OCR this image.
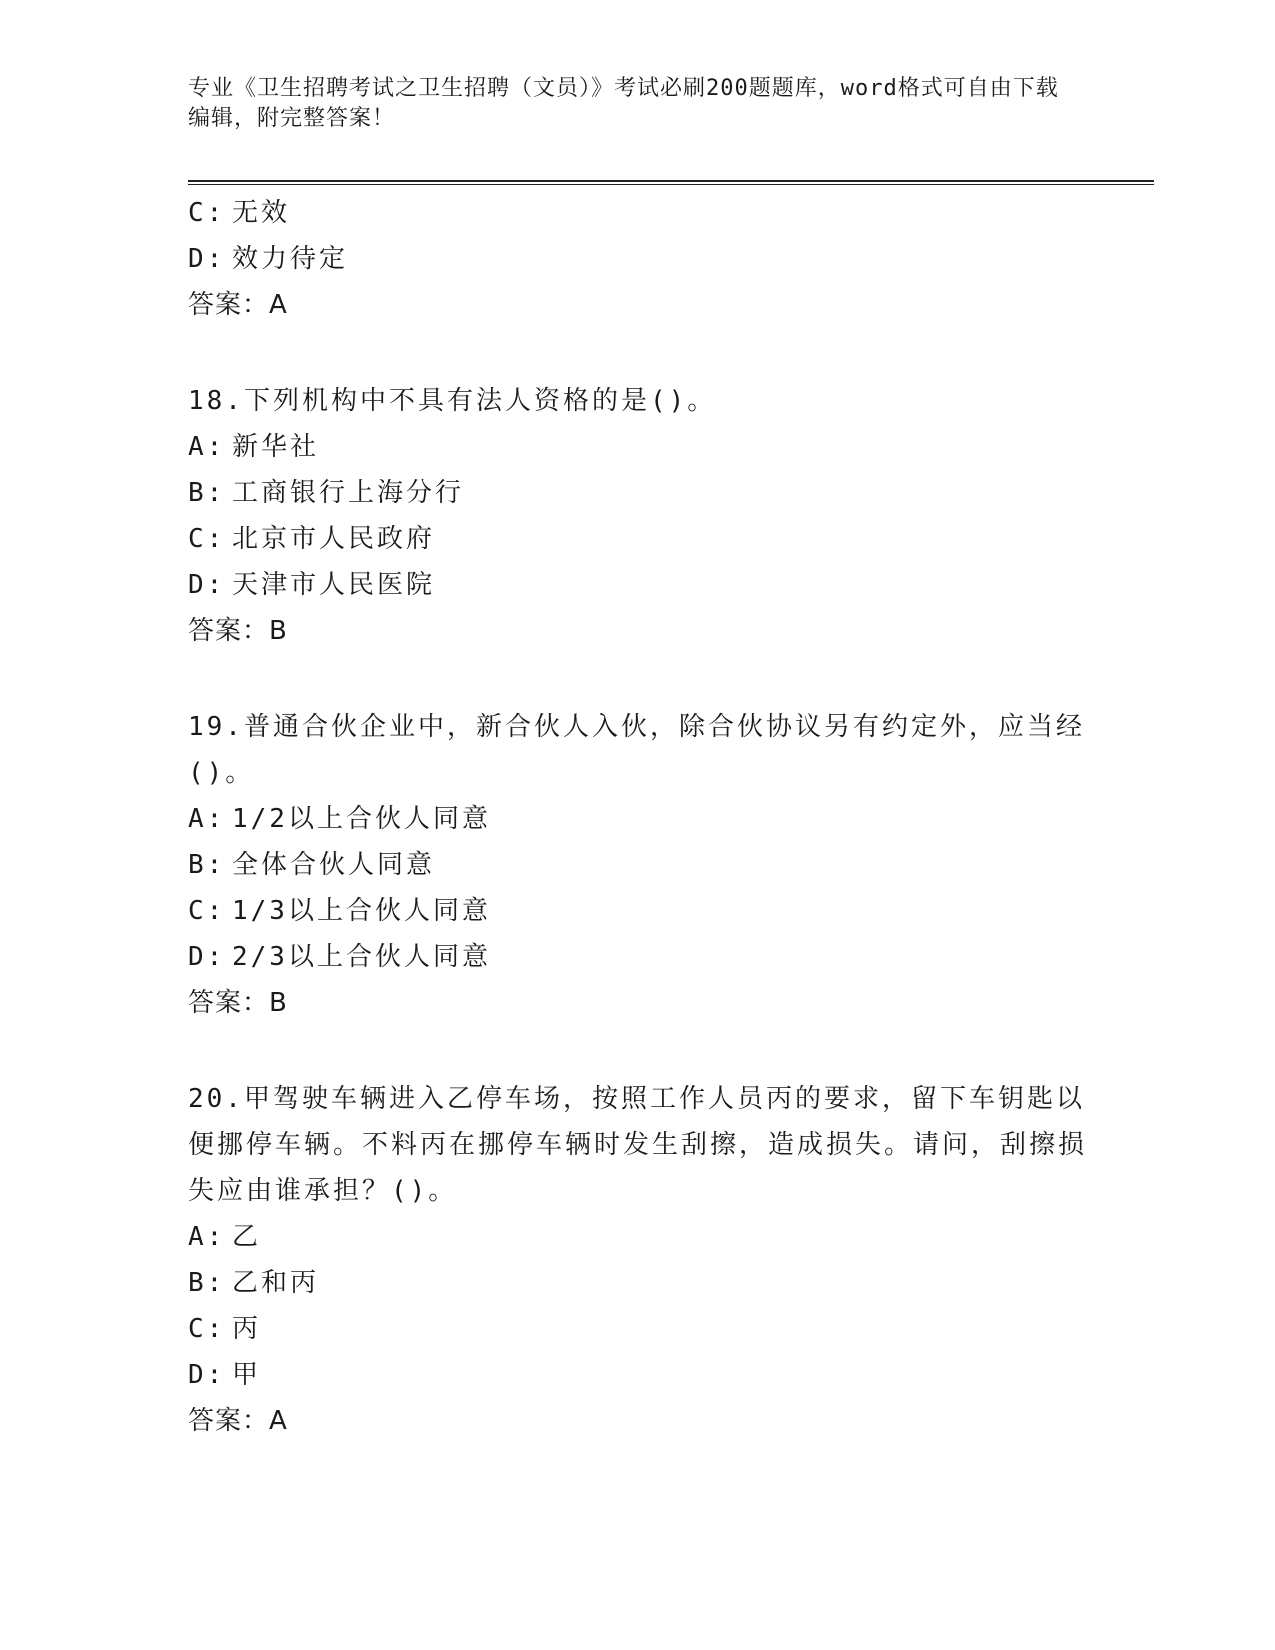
专业《卫生招聘考试之卫生招聘（文员）》考试必刷200题题库，word格式可自由下载编辑，附完整答案！
C: 无效
D: 效力待定
答案：A
18.下列机构中不具有法人资格的是()。
A: 新华社
B: 工商银行上海分行
C: 北京市人民政府
D: 天津市人民医院
答案：B
19.普通合伙企业中，新合伙人入伙，除合伙协议另有约定外，应当经()。
A: 1/2以上合伙人同意
B: 全体合伙人同意
C: 1/3以上合伙人同意
D: 2/3以上合伙人同意
答案：B
20.甲驾驶车辆进入乙停车场，按照工作人员丙的要求，留下车钥匙以便挪停车辆。不料丙在挪停车辆时发生刮擦，造成损失。请问，刮擦损失应由谁承担？()。
A: 乙
B: 乙和丙
C: 丙
D: 甲
答案：A
